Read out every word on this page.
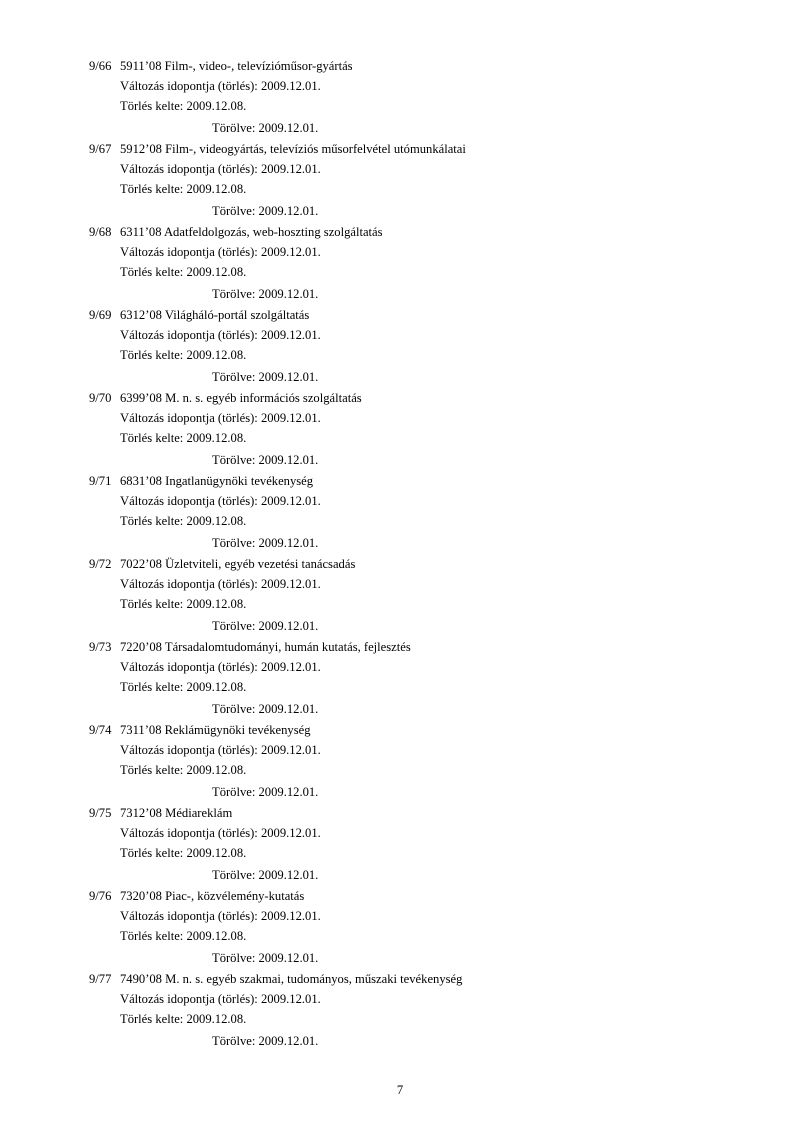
9/66 5911’08 Film-, video-, televízióműsor-gyártás
Változás idopontja (törlés): 2009.12.01.
Törlés kelte: 2009.12.08.
Törölve: 2009.12.01.
9/67 5912’08 Film-, videogyártás, televíziós műsorfelvétel utómunkálatai
Változás idopontja (törlés): 2009.12.01.
Törlés kelte: 2009.12.08.
Törölve: 2009.12.01.
9/68 6311’08 Adatfeldolgozás, web-hoszting szolgáltatás
Változás idopontja (törlés): 2009.12.01.
Törlés kelte: 2009.12.08.
Törölve: 2009.12.01.
9/69 6312’08 Világháló-portál szolgáltatás
Változás idopontja (törlés): 2009.12.01.
Törlés kelte: 2009.12.08.
Törölve: 2009.12.01.
9/70 6399’08 M. n. s. egyéb információs szolgáltatás
Változás idopontja (törlés): 2009.12.01.
Törlés kelte: 2009.12.08.
Törölve: 2009.12.01.
9/71 6831’08 Ingatlanügynöki tevékenység
Változás idopontja (törlés): 2009.12.01.
Törlés kelte: 2009.12.08.
Törölve: 2009.12.01.
9/72 7022’08 Üzletviteli, egyéb vezetési tanácsadás
Változás idopontja (törlés): 2009.12.01.
Törlés kelte: 2009.12.08.
Törölve: 2009.12.01.
9/73 7220’08 Társadalomtudományi, humán kutatás, fejlesztés
Változás idopontja (törlés): 2009.12.01.
Törlés kelte: 2009.12.08.
Törölve: 2009.12.01.
9/74 7311’08 Reklámügynöki tevékenység
Változás idopontja (törlés): 2009.12.01.
Törlés kelte: 2009.12.08.
Törölve: 2009.12.01.
9/75 7312’08 Médiareklám
Változás idopontja (törlés): 2009.12.01.
Törlés kelte: 2009.12.08.
Törölve: 2009.12.01.
9/76 7320’08 Piac-, közvélemény-kutatás
Változás idopontja (törlés): 2009.12.01.
Törlés kelte: 2009.12.08.
Törölve: 2009.12.01.
9/77 7490’08 M. n. s. egyéb szakmai, tudományos, műszaki tevékenység
Változás idopontja (törlés): 2009.12.01.
Törlés kelte: 2009.12.08.
Törölve: 2009.12.01.
7
